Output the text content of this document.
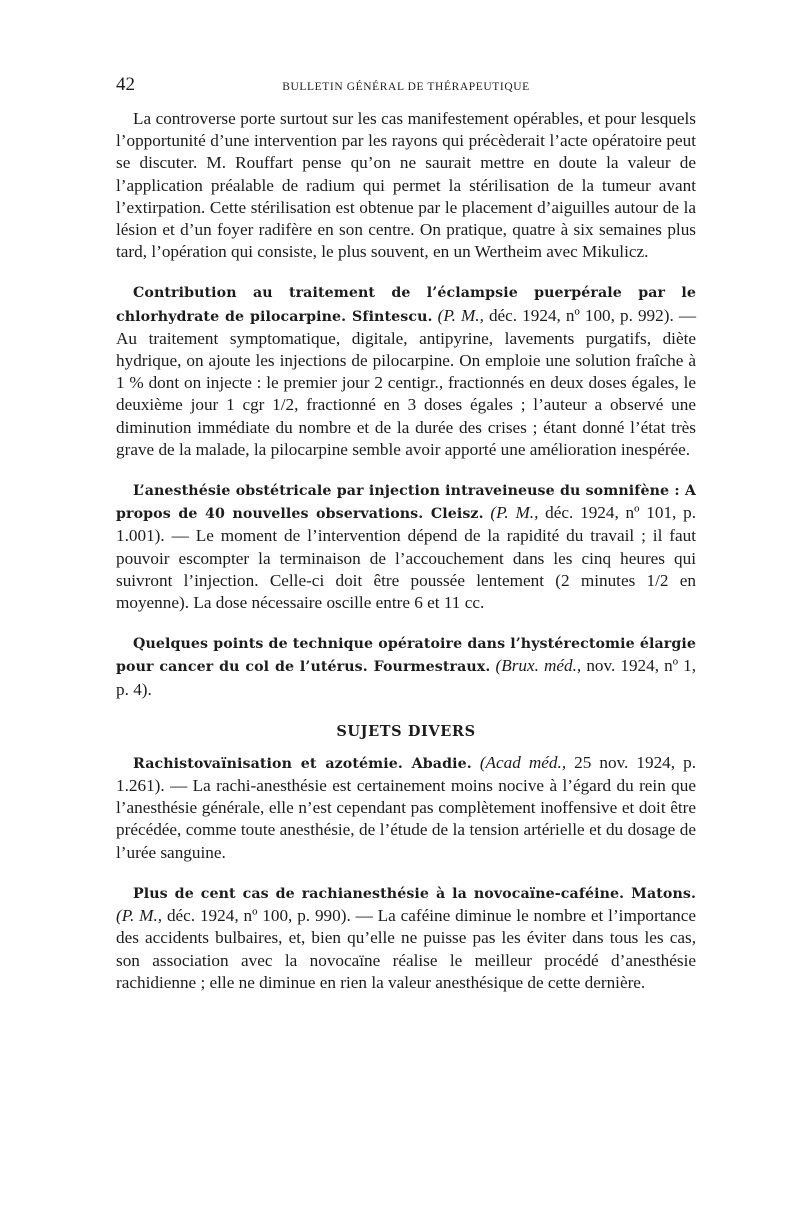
42	BULLETIN GÉNÉRAL DE THÉRAPEUTIQUE

La controverse porte surtout sur les cas manifestement opérables, et pour lesquels l’opportunité d’une intervention par les rayons qui précèderait l’acte opératoire peut se discuter. M. Rouffart pense qu’on ne saurait mettre en doute la valeur de l’application préalable de radium qui permet la stérilisation de la tumeur avant l’extirpation. Cette stérilisation est obtenue par le placement d’aiguilles autour de la lésion et d’un foyer radifère en son centre. On pratique, quatre à six semaines plus tard, l’opération qui consiste, le plus souvent, en un Wertheim avec Mikulicz.

Contribution au traitement de l’éclampsie puerpérale par le chlorhydrate de pilocarpine. Sfintescu. (P. M., déc. 1924, nº 100, p. 992). — Au traitement symptomatique, digitale, antipyrine, lavements purgatifs, diète hydrique, on ajoute les injections de pilocarpine. On emploie une solution fraîche à 1 % dont on injecte : le premier jour 2 centigr., fractionnés en deux doses égales, le deuxième jour 1 cgr 1/2, fractionné en 3 doses égales ; l’auteur a observé une diminution immédiate du nombre et de la durée des crises ; étant donné l’état très grave de la malade, la pilocarpine semble avoir apporté une amélioration inespérée.

L’anesthésie obstétricale par injection intraveineuse du somnifène : A propos de 40 nouvelles observations. Cleisz. (P. M., déc. 1924, nº 101, p. 1.001). — Le moment de l’intervention dépend de la rapidité du travail ; il faut pouvoir escompter la terminaison de l’accouchement dans les cinq heures qui suivront l’injection. Celle-ci doit être poussée lentement (2 minutes 1/2 en moyenne). La dose nécessaire oscille entre 6 et 11 cc.

Quelques points de technique opératoire dans l’hystérectomie élargie pour cancer du col de l’utérus. Fourmestraux. (Brux. méd., nov. 1924, nº 1, p. 4).

SUJETS DIVERS

Rachistovaïnisation et azotémie. Abadie. (Acad méd., 25 nov. 1924, p. 1.261). — La rachi-anesthésie est certainement moins nocive à l’égard du rein que l’anesthésie générale, elle n’est cependant pas complètement inoffensive et doit être précédée, comme toute anesthésie, de l’étude de la tension artérielle et du dosage de l’urée sanguine.

Plus de cent cas de rachianesthésie à la novocaïne-caféine. Matons. (P. M., déc. 1924, nº 100, p. 990). — La caféine diminue le nombre et l’importance des accidents bulbaires, et, bien qu’elle ne puisse pas les éviter dans tous les cas, son association avec la novocaïne réalise le meilleur procédé d’anesthésie rachidienne ; elle ne diminue en rien la valeur anesthésique de cette dernière.
